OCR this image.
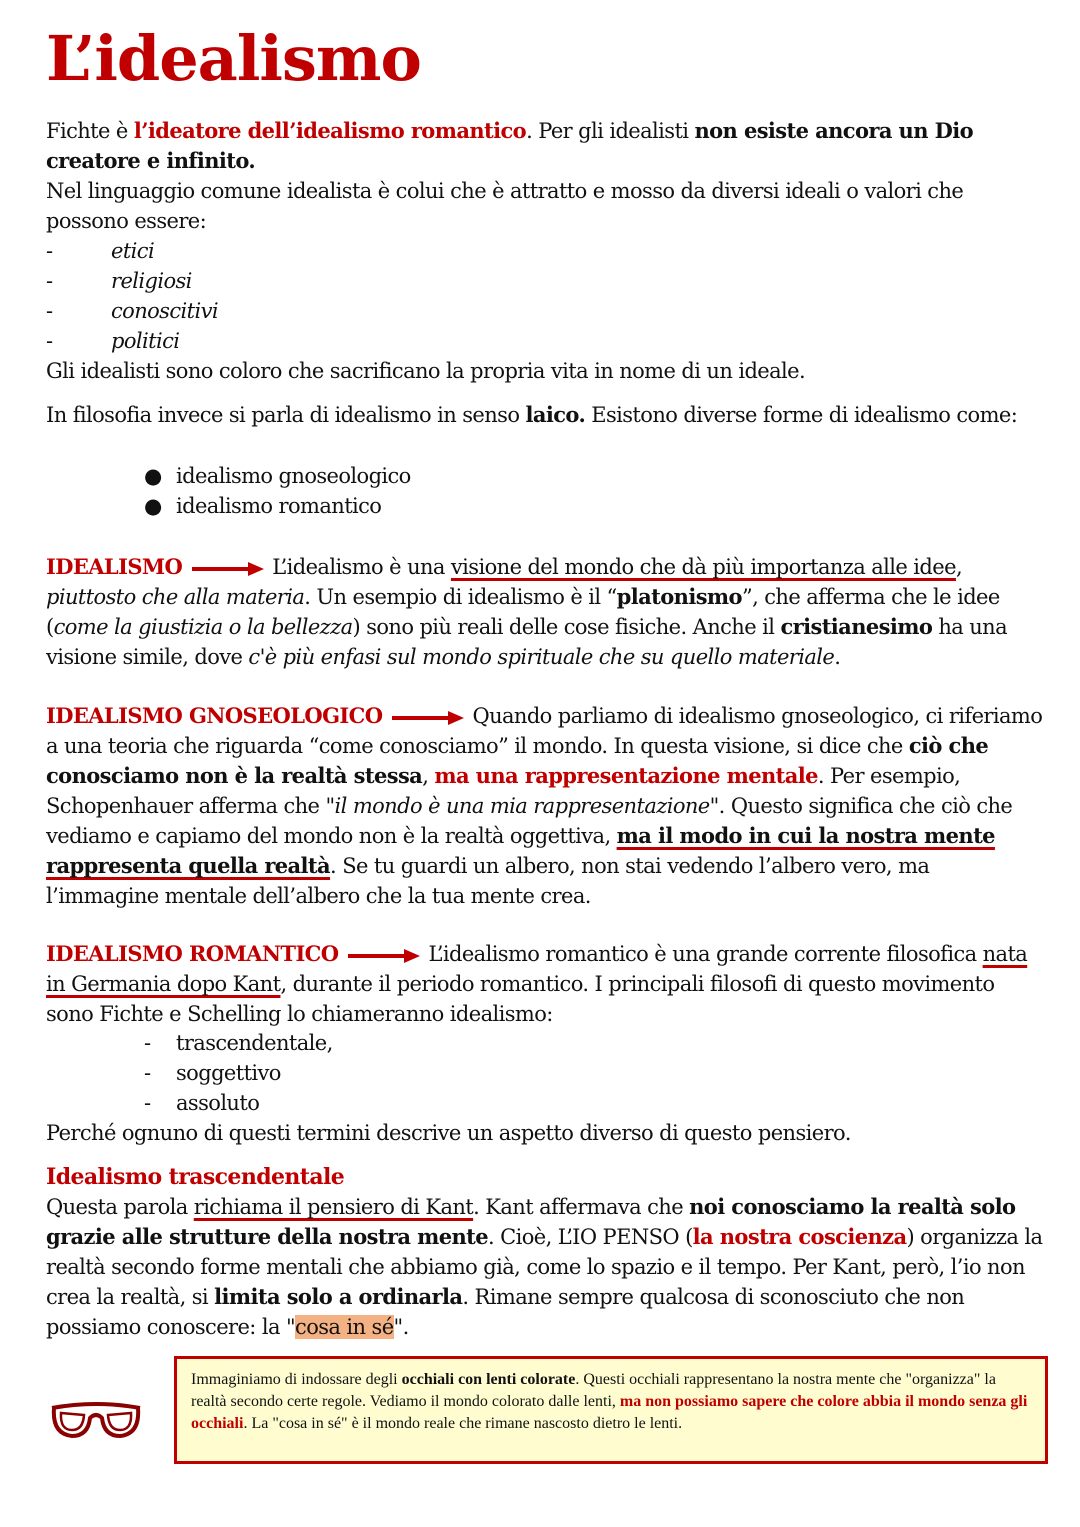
L’idealismo
Fichte è l’ideatore dell’idealismo romantico. Per gli idealisti non esiste ancora un Dio creatore e infinito.
Nel linguaggio comune idealista è colui che è attratto e mosso da diversi ideali o valori che possono essere:
-	etici
-	religiosi
-	conoscitivi
-	politici
Gli idealisti sono coloro che sacrificano la propria vita in nome di un ideale.
In filosofia invece si parla di idealismo in senso laico. Esistono diverse forme di idealismo come:
● idealismo gnoseologico
● idealismo romantico
IDEALISMO	L’idealismo è una visione del mondo che dà più importanza alle idee, piuttosto che alla materia. Un esempio di idealismo è il “platonismo”, che afferma che le idee (come la giustizia o la bellezza) sono più reali delle cose fisiche. Anche il cristianesimo ha una visione simile, dove c'è più enfasi sul mondo spirituale che su quello materiale.
IDEALISMO GNOSEOLOGICO	Quando parliamo di idealismo gnoseologico, ci riferiamo a una teoria che riguarda “come conosciamo” il mondo. In questa visione, si dice che ciò che conosciamo non è la realtà stessa, ma una rappresentazione mentale. Per esempio, Schopenhauer afferma che "il mondo è una mia rappresentazione". Questo significa che ciò che vediamo e capiamo del mondo non è la realtà oggettiva, ma il modo in cui la nostra mente rappresenta quella realtà. Se tu guardi un albero, non stai vedendo l’albero vero, ma l’immagine mentale dell’albero che la tua mente crea.
IDEALISMO ROMANTICO	L’idealismo romantico è una grande corrente filosofica nata in Germania dopo Kant, durante il periodo romantico. I principali filosofi di questo movimento sono Fichte e Schelling lo chiameranno idealismo:
- trascendentale,
- soggettivo
- assoluto
Perché ognuno di questi termini descrive un aspetto diverso di questo pensiero.
Idealismo trascendentale
Questa parola richiama il pensiero di Kant. Kant affermava che noi conosciamo la realtà solo grazie alle strutture della nostra mente. Cioè, L’IO PENSO (la nostra coscienza) organizza la realtà secondo forme mentali che abbiamo già, come lo spazio e il tempo. Per Kant, però, l’io non crea la realtà, si limita solo a ordinarla. Rimane sempre qualcosa di sconosciuto che non possiamo conoscere: la "cosa in sé".
Immaginiamo di indossare degli occhiali con lenti colorate. Questi occhiali rappresentano la nostra mente che "organizza" la realtà secondo certe regole. Vediamo il mondo colorato dalle lenti, ma non possiamo sapere che colore abbia il mondo senza gli occhiali. La "cosa in sé" è il mondo reale che rimane nascosto dietro le lenti.
